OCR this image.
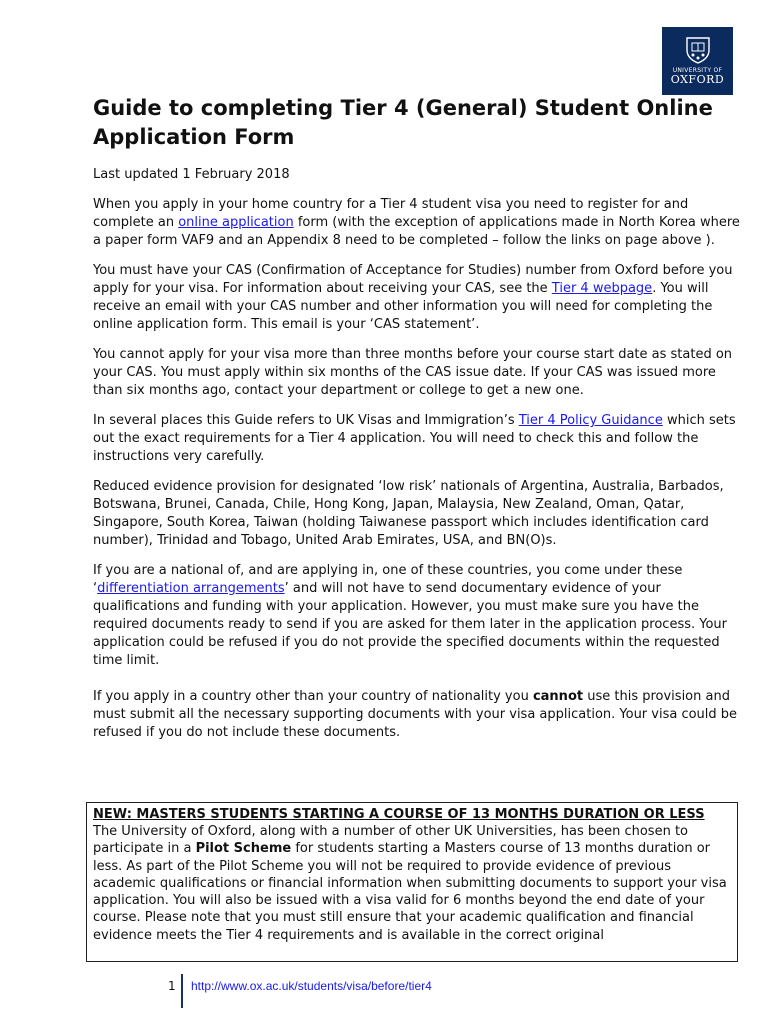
UNIVERSITY OF
OXFORD
Guide to completing Tier 4 (General) Student Online Application Form

Last updated 1 February 2018

When you apply in your home country for a Tier 4 student visa you need to register for and complete an online application form (with the exception of applications made in North Korea where a paper form VAF9 and an Appendix 8 need to be completed – follow the links on page above ).

You must have your CAS (Confirmation of Acceptance for Studies) number from Oxford before you apply for your visa. For information about receiving your CAS, see the Tier 4 webpage. You will receive an email with your CAS number and other information you will need for completing the online application form. This email is your ‘CAS statement’.

You cannot apply for your visa more than three months before your course start date as stated on your CAS. You must apply within six months of the CAS issue date. If your CAS was issued more than six months ago, contact your department or college to get a new one.

In several places this Guide refers to UK Visas and Immigration’s Tier 4 Policy Guidance which sets out the exact requirements for a Tier 4 application. You will need to check this and follow the instructions very carefully.

Reduced evidence provision for designated ‘low risk’ nationals of Argentina, Australia, Barbados, Botswana, Brunei, Canada, Chile, Hong Kong, Japan, Malaysia, New Zealand, Oman, Qatar, Singapore, South Korea, Taiwan (holding Taiwanese passport which includes identification card number), Trinidad and Tobago, United Arab Emirates, USA, and BN(O)s.

If you are a national of, and are applying in, one of these countries, you come under these ‘differentiation arrangements’ and will not have to send documentary evidence of your qualifications and funding with your application. However, you must make sure you have the required documents ready to send if you are asked for them later in the application process. Your application could be refused if you do not provide the specified documents within the requested time limit.

If you apply in a country other than your country of nationality you cannot use this provision and must submit all the necessary supporting documents with your visa application. Your visa could be refused if you do not include these documents.

NEW: MASTERS STUDENTS STARTING A COURSE OF 13 MONTHS DURATION OR LESS

The University of Oxford, along with a number of other UK Universities, has been chosen to participate in a Pilot Scheme for students starting a Masters course of 13 months duration or less. As part of the Pilot Scheme you will not be required to provide evidence of previous academic qualifications or financial information when submitting documents to support your visa application. You will also be issued with a visa valid for 6 months beyond the end date of your course. Please note that you must still ensure that your academic qualification and financial evidence meets the Tier 4 requirements and is available in the correct original

1 http://www.ox.ac.uk/students/visa/before/tier4
